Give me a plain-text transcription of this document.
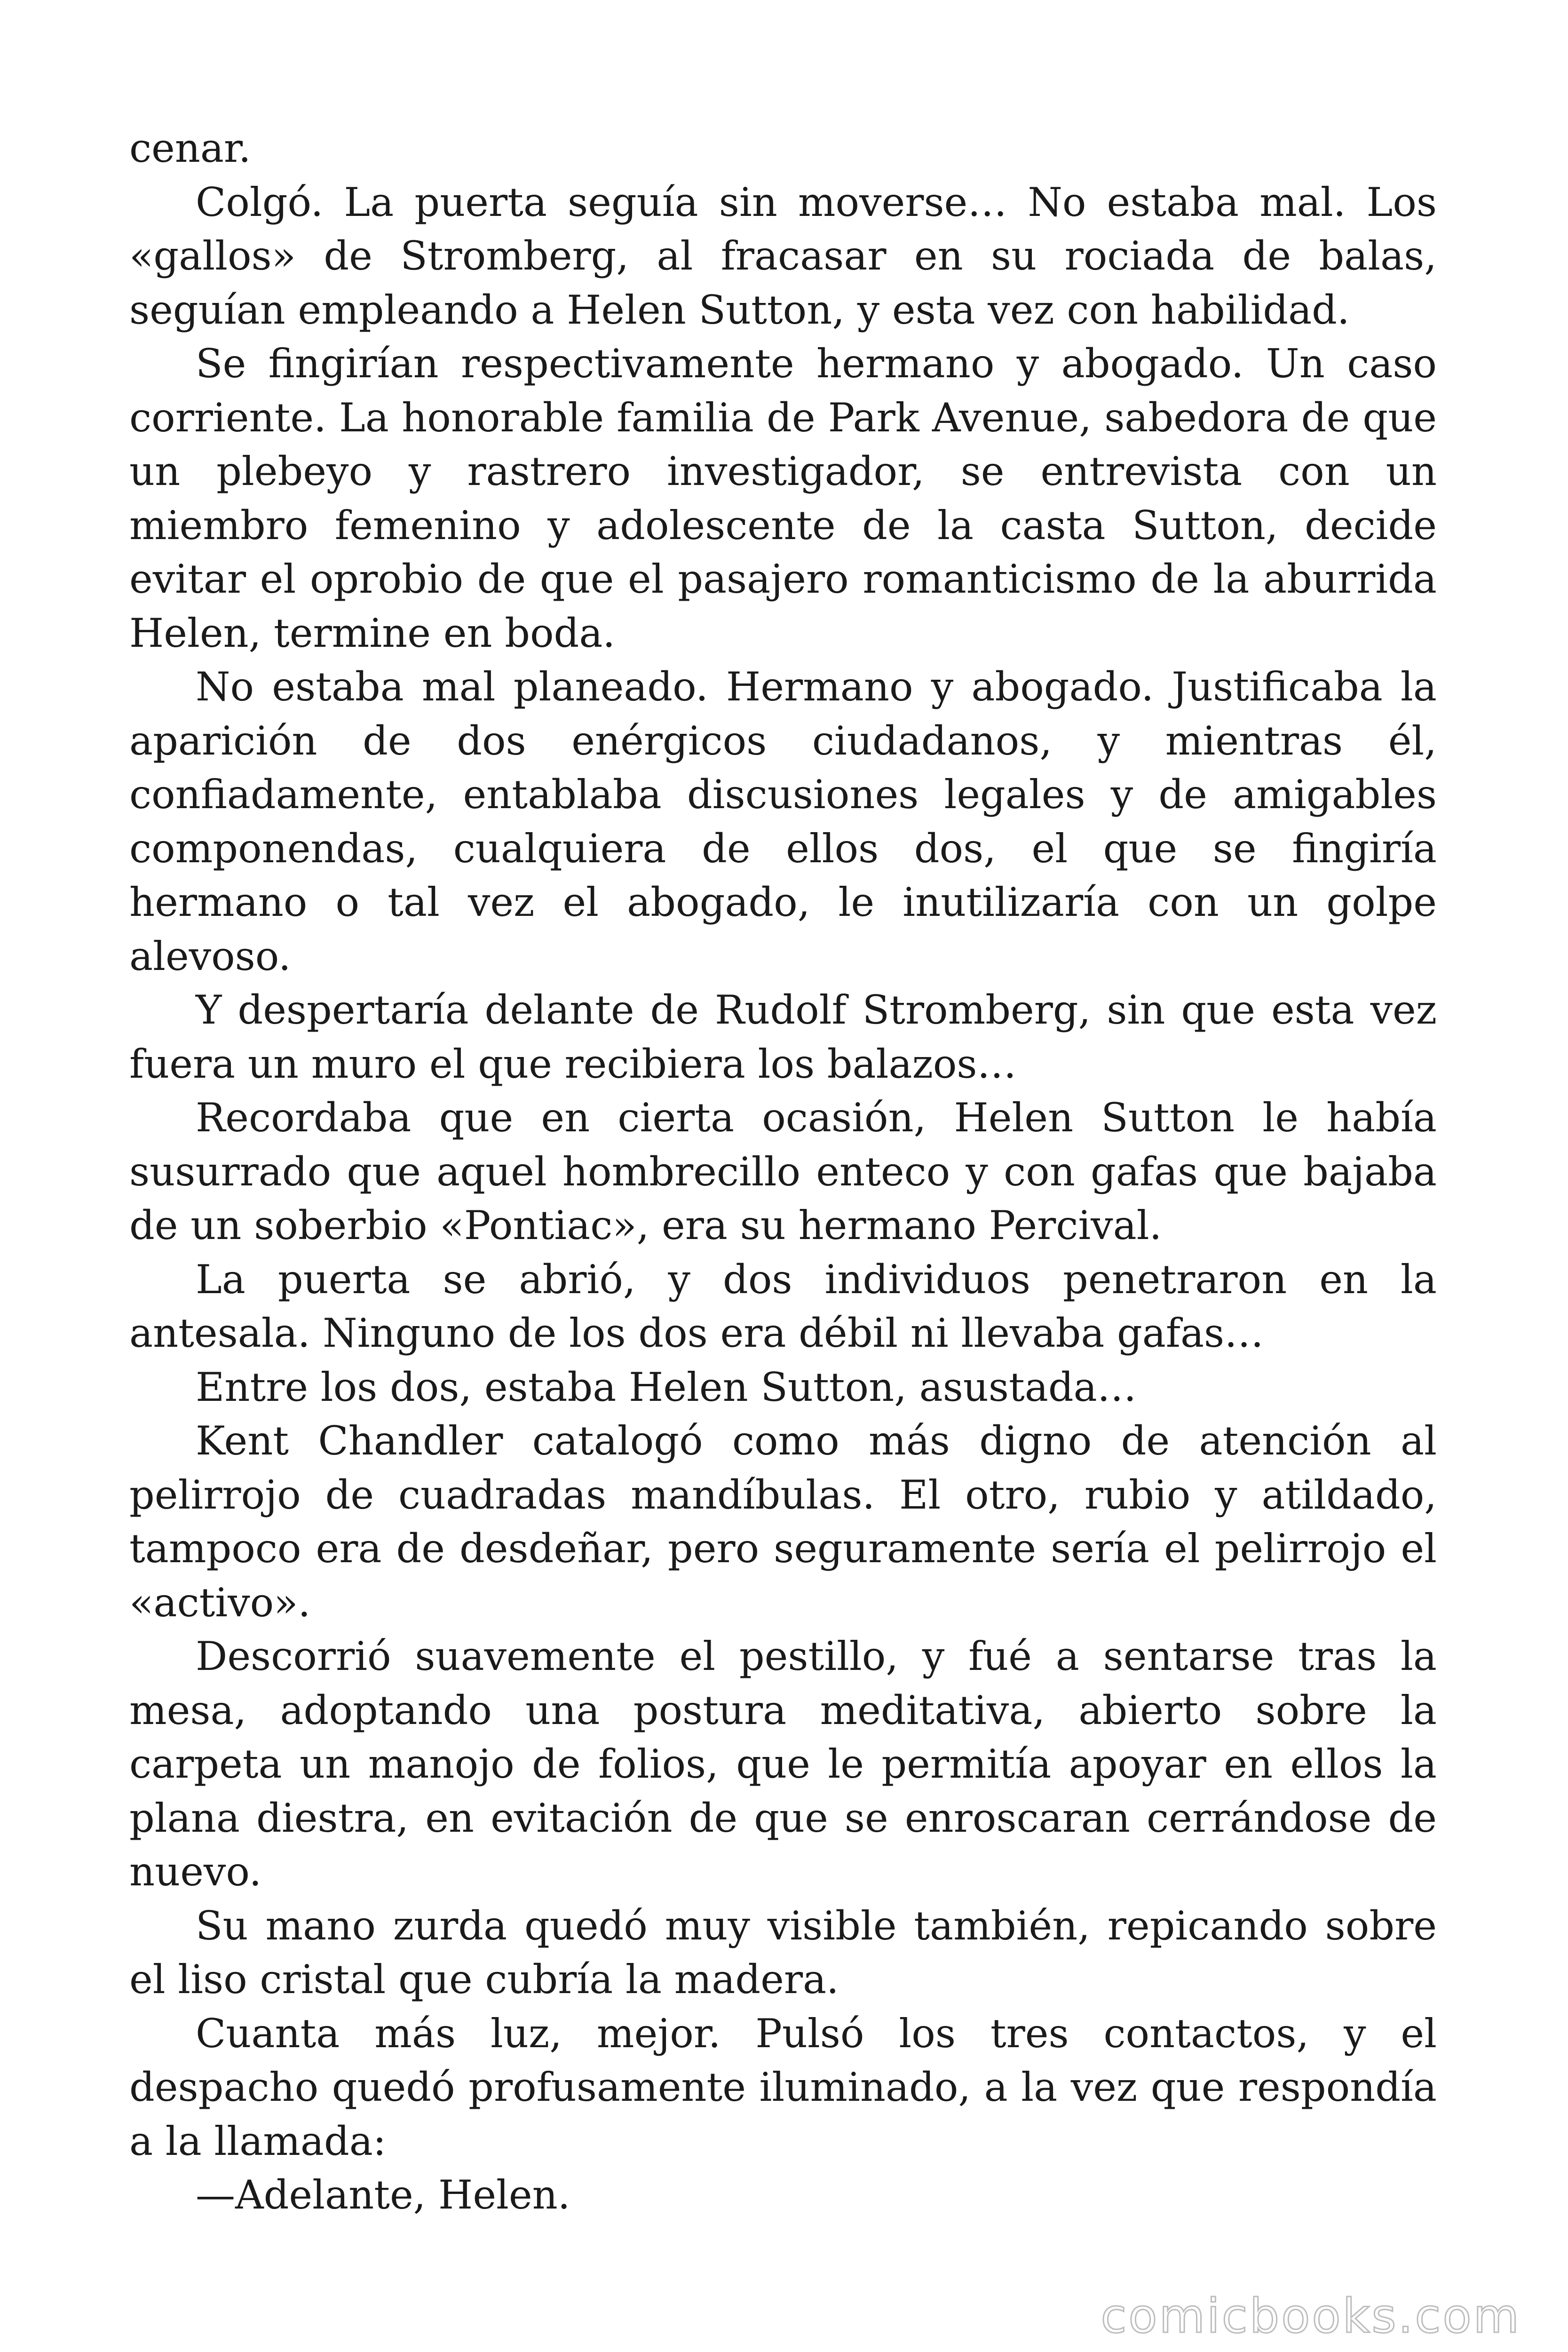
cenar.

Colgó. La puerta seguía sin moverse… No estaba mal. Los «gallos» de Stromberg, al fracasar en su rociada de balas, seguían empleando a Helen Sutton, y esta vez con habilidad.

Se fingirían respectivamente hermano y abogado. Un caso corriente. La honorable familia de Park Avenue, sabedora de que un plebeyo y rastrero investigador, se entrevista con un miembro femenino y adolescente de la casta Sutton, decide evitar el oprobio de que el pasajero romanticismo de la aburrida Helen, termine en boda.

No estaba mal planeado. Hermano y abogado. Justificaba la aparición de dos enérgicos ciudadanos, y mientras él, confiadamente, entablaba discusiones legales y de amigables componendas, cualquiera de ellos dos, el que se fingiría hermano o tal vez el abogado, le inutilizaría con un golpe alevoso.

Y despertaría delante de Rudolf Stromberg, sin que esta vez fuera un muro el que recibiera los balazos…

Recordaba que en cierta ocasión, Helen Sutton le había susurrado que aquel hombrecillo enteco y con gafas que bajaba de un soberbio «Pontiac», era su hermano Percival.

La puerta se abrió, y dos individuos penetraron en la antesala. Ninguno de los dos era débil ni llevaba gafas…

Entre los dos, estaba Helen Sutton, asustada…

Kent Chandler catalogó como más digno de atención al pelirrojo de cuadradas mandíbulas. El otro, rubio y atildado, tampoco era de desdeñar, pero seguramente sería el pelirrojo el «activo».

Descorrió suavemente el pestillo, y fué a sentarse tras la mesa, adoptando una postura meditativa, abierto sobre la carpeta un manojo de folios, que le permitía apoyar en ellos la plana diestra, en evitación de que se enroscaran cerrándose de nuevo.

Su mano zurda quedó muy visible también, repicando sobre el liso cristal que cubría la madera.

Cuanta más luz, mejor. Pulsó los tres contactos, y el despacho quedó profusamente iluminado, a la vez que respondía a la llamada:

—Adelante, Helen.

comicbooks.com
